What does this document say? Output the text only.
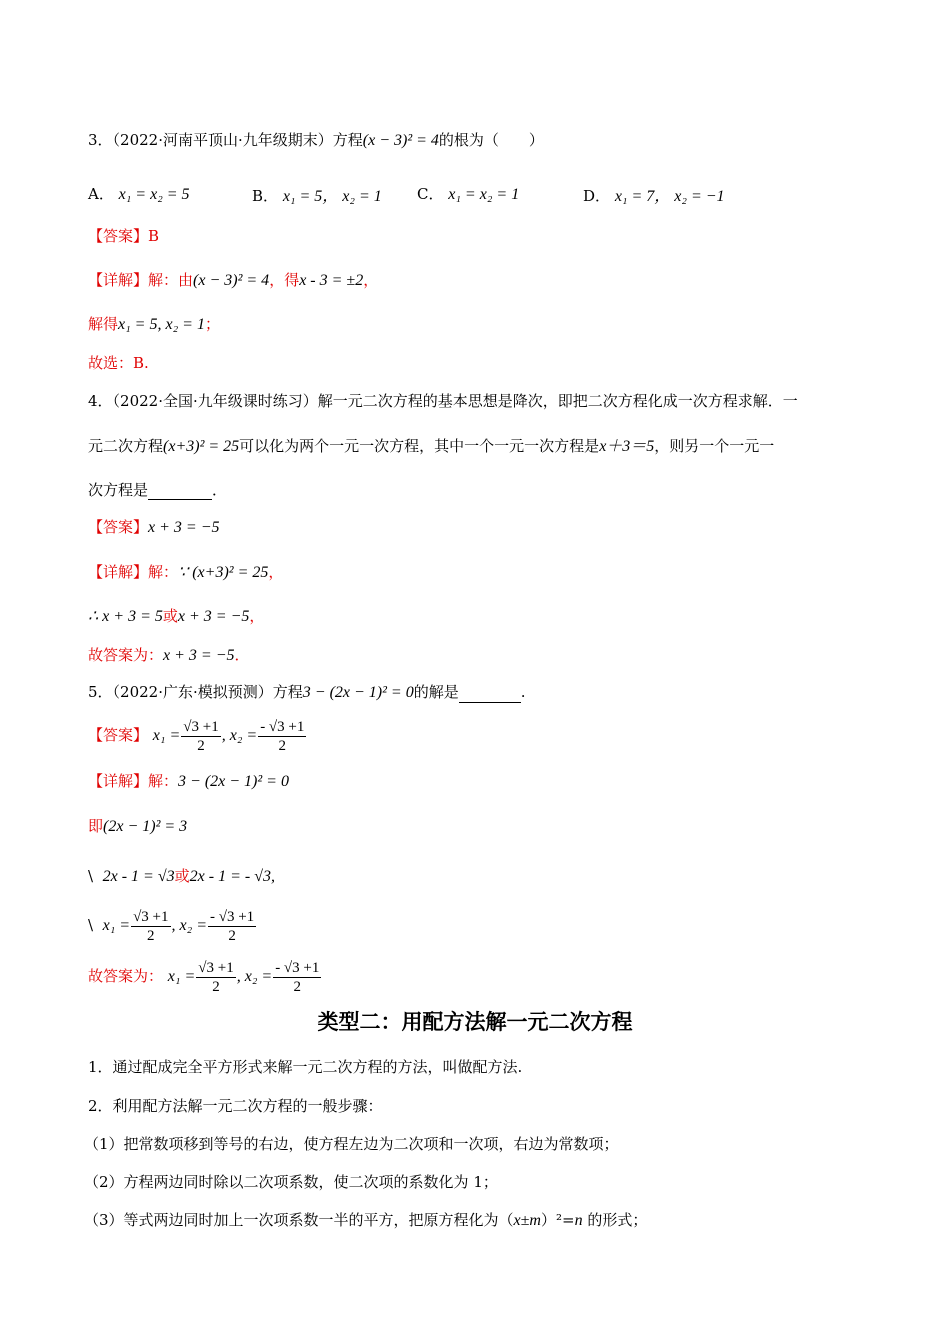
3．（2022·河南平顶山·九年级期末）方程(x − 3)² = 4的根为（　　）
A． x₁ = x₂ = 5	B． x₁ = 5， x₂ = 1 C． x₁ = x₂ = 1	D． x₁ = 7， x₂ = −1
【答案】B
【详解】解：由(x − 3)² = 4，得x - 3 = ±2，
解得x₁ = 5, x₂ = 1；
故选：B.
4．（2022·全国·九年级课时练习）解一元二次方程的基本思想是降次，即把二次方程化成一次方程求解．一
元二次方程(x+3)² = 25可以化为两个一元一次方程，其中一个一元一次方程是x＋3＝5，则另一个一元一
次方程是	．
【答案】x + 3 = −5
【详解】解：∵ (x+3)² = 25，
∴ x + 3 = 5或x + 3 = −5，
故答案为：x + 3 = −5．
5．（2022·广东·模拟预测）方程3 − (2x − 1)² = 0的解是	.
【答案】 $x_1 = \frac{√3 +1}{2}$ , $x_2 = \frac{- √3 +1}{2}$
【详解】解：3 − (2x − 1)² = 0
即(2x − 1)² = 3
\ 2x - 1 = √3或2x - 1 = - √3,
\ $x_1 = \frac{√3 +1}{2}$ , $x_2 = \frac{- √3 +1}{2}$
故答案为： $x_1 = \frac{√3 +1}{2}$ , $x_2 = \frac{- √3 +1}{2}$
类型二：用配方法解一元二次方程
1．通过配成完全平方形式来解一元二次方程的方法，叫做配方法.
2．利用配方法解一元二次方程的一般步骤：
（1）把常数项移到等号的右边，使方程左边为二次项和一次项，右边为常数项；
（2）方程两边同时除以二次项系数，使二次项的系数化为 1；
（3）等式两边同时加上一次项系数一半的平方，把原方程化为（x±m）²=n 的形式；
